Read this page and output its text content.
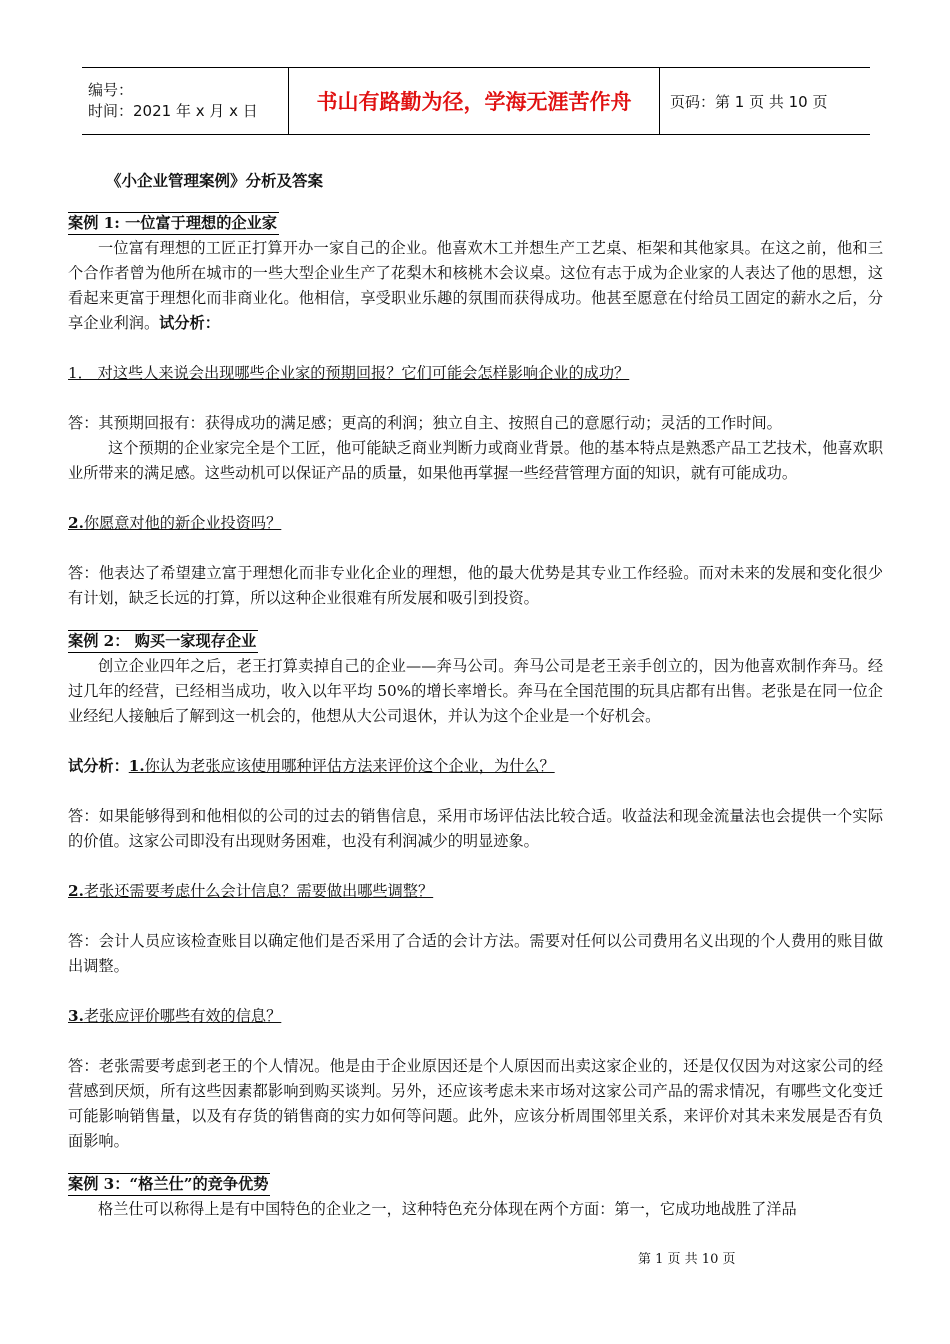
编号：
时间：2021 年 x 月 x 日	书山有路勤为径，学海无涯苦作舟	页码：第 1 页 共 10 页

《小企业管理案例》分析及答案

案例 1: 一位富于理想的企业家

一位富有理想的工匠正打算开办一家自己的企业。他喜欢木工并想生产工艺桌、柜架和其他家具。在这之前，他和三个合作者曾为他所在城市的一些大型企业生产了花梨木和核桃木会议桌。这位有志于成为企业家的人表达了他的思想，这看起来更富于理想化而非商业化。他相信，享受职业乐趣的氛围而获得成功。他甚至愿意在付给员工固定的薪水之后，分享企业利润。试分析：

1． 对这些人来说会出现哪些企业家的预期回报？它们可能会怎样影响企业的成功？

答：其预期回报有：获得成功的满足感；更高的利润；独立自主、按照自己的意愿行动；灵活的工作时间。

这个预期的企业家完全是个工匠，他可能缺乏商业判断力或商业背景。他的基本特点是熟悉产品工艺技术，他喜欢职业所带来的满足感。这些动机可以保证产品的质量，如果他再掌握一些经营管理方面的知识，就有可能成功。

2.你愿意对他的新企业投资吗？

答：他表达了希望建立富于理想化而非专业化企业的理想，他的最大优势是其专业工作经验。而对未来的发展和变化很少有计划，缺乏长远的打算，所以这种企业很难有所发展和吸引到投资。

案例 2： 购买一家现存企业

创立企业四年之后，老王打算卖掉自己的企业——奔马公司。奔马公司是老王亲手创立的，因为他喜欢制作奔马。经过几年的经营，已经相当成功，收入以年平均 50%的增长率增长。奔马在全国范围的玩具店都有出售。老张是在同一位企业经纪人接触后了解到这一机会的，他想从大公司退休，并认为这个企业是一个好机会。

试分析：1.你认为老张应该使用哪种评估方法来评价这个企业，为什么？

答：如果能够得到和他相似的公司的过去的销售信息，采用市场评估法比较合适。收益法和现金流量法也会提供一个实际的价值。这家公司即没有出现财务困难，也没有利润减少的明显迹象。

2.老张还需要考虑什么会计信息？需要做出哪些调整？

答：会计人员应该检查账目以确定他们是否采用了合适的会计方法。需要对任何以公司费用名义出现的个人费用的账目做出调整。

3.老张应评价哪些有效的信息？

答：老张需要考虑到老王的个人情况。他是由于企业原因还是个人原因而出卖这家企业的，还是仅仅因为对这家公司的经营感到厌烦，所有这些因素都影响到购买谈判。另外，还应该考虑未来市场对这家公司产品的需求情况，有哪些文化变迁可能影响销售量，以及有存货的销售商的实力如何等问题。此外，应该分析周围邻里关系，来评价对其未来发展是否有负面影响。

案例 3：“格兰仕”的竞争优势

格兰仕可以称得上是有中国特色的企业之一，这种特色充分体现在两个方面：第一，它成功地战胜了洋品

第 1 页 共 10 页
